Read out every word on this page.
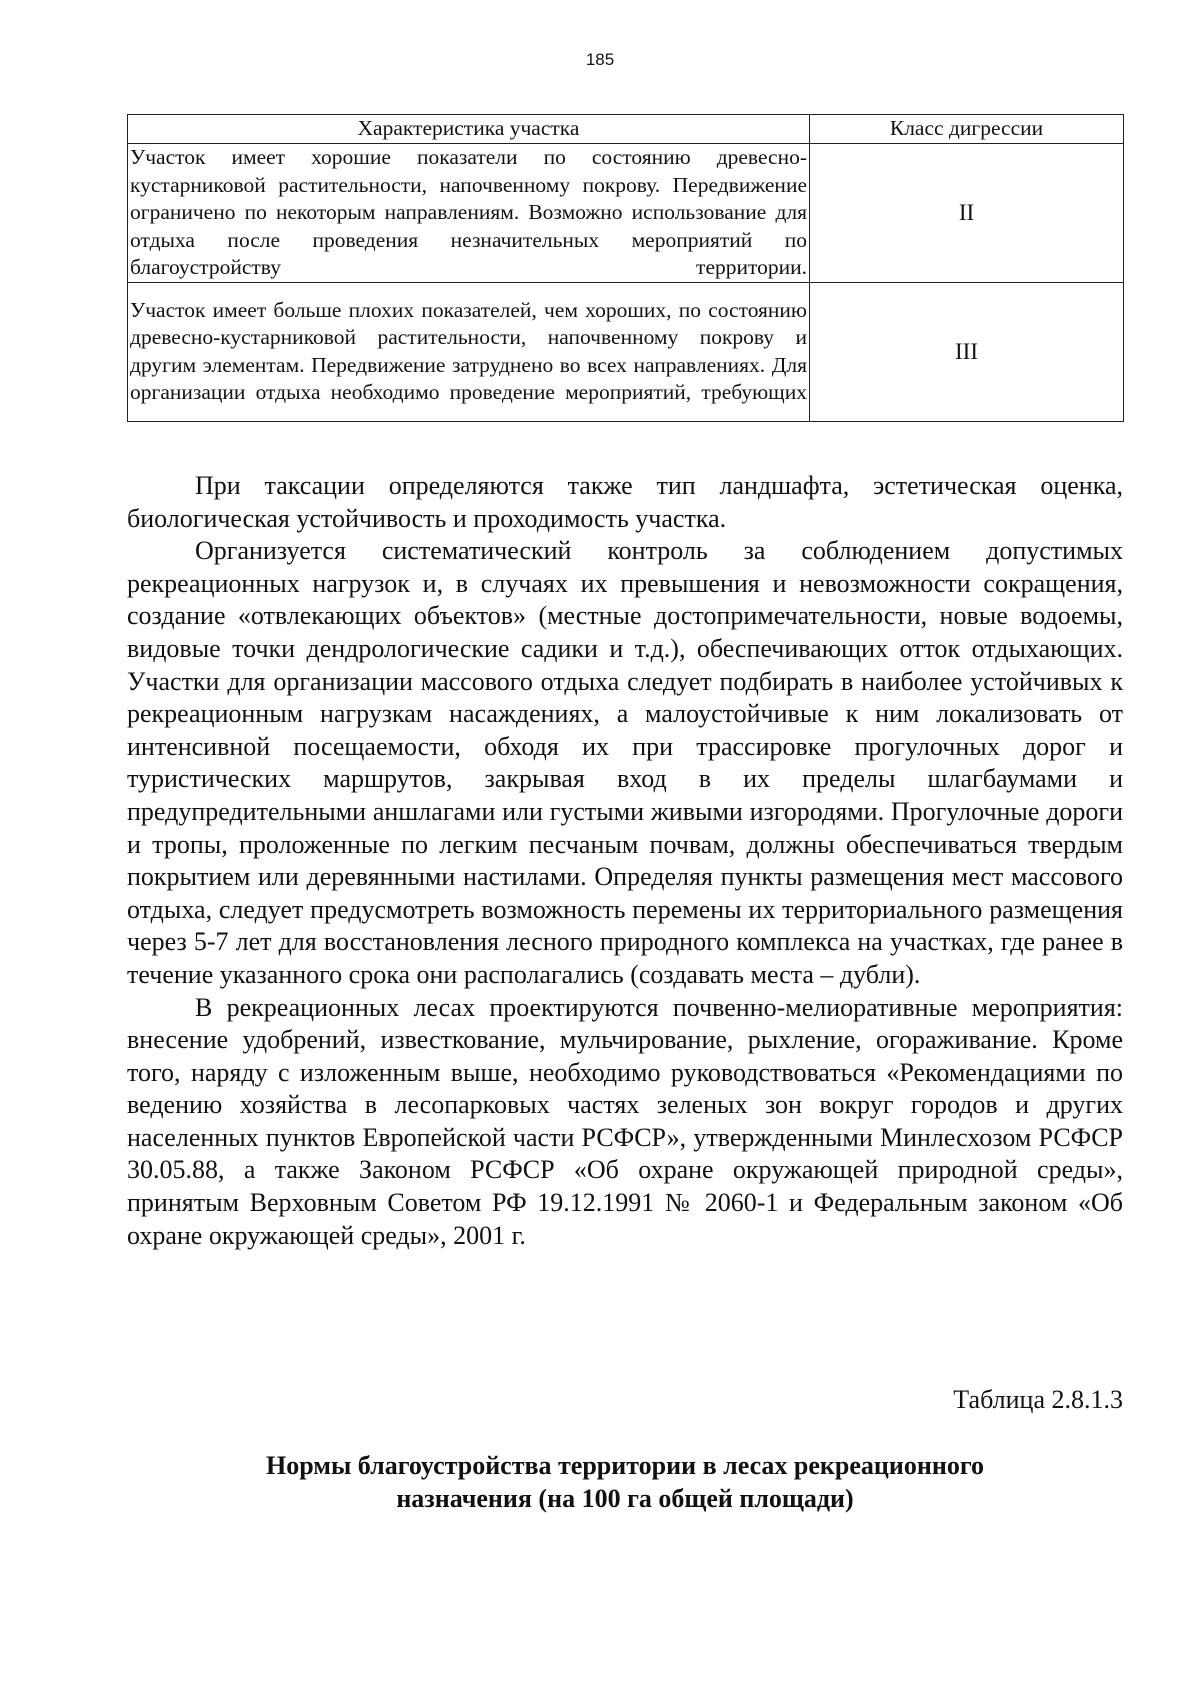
185
Характеристика участка	Класс дигрессии
Участок имеет хорошие показатели по состоянию древесно-кустарниковой растительности, напочвенному покрову. Передвижение ограничено по некоторым направлениям. Возможно использование для отдыха после проведения незначительных мероприятий по благоустройству территории.	II
Участок имеет больше плохих показателей, чем хороших, по состоянию древесно-кустарниковой растительности, напочвенному покрову и другим элементам. Передвижение затруднено во всех направлениях. Для организации отдыха необходимо проведение мероприятий, требующих	III

При таксации определяются также тип ландшафта, эстетическая оценка, биологическая устойчивость и проходимость участка.

Организуется систематический контроль за соблюдением допустимых рекреационных нагрузок и, в случаях их превышения и невозможности сокращения, создание «отвлекающих объектов» (местные достопримечательности, новые водоемы, видовые точки дендрологические садики и т.д.), обеспечивающих отток отдыхающих. Участки для организации массового отдыха следует подбирать в наиболее устойчивых к рекреационным нагрузкам насаждениях, а малоустойчивые к ним локализовать от интенсивной посещаемости, обходя их при трассировке прогулочных дорог и туристических маршрутов, закрывая вход в их пределы шлагбаумами и предупредительными аншлагами или густыми живыми изгородями. Прогулочные дороги и тропы, проложенные по легким песчаным почвам, должны обеспечиваться твердым покрытием или деревянными настилами. Определяя пункты размещения мест массового отдыха, следует предусмотреть возможность перемены их территориального размещения через 5-7 лет для восстановления лесного природного комплекса на участках, где ранее в течение указанного срока они располагались (создавать места – дубли).

В рекреационных лесах проектируются почвенно-мелиоративные мероприятия: внесение удобрений, известкование, мульчирование, рыхление, огораживание. Кроме того, наряду с изложенным выше, необходимо руководствоваться «Рекомендациями по ведению хозяйства в лесопарковых частях зеленых зон вокруг городов и других населенных пунктов Европейской части РСФСР», утвержденными Минлесхозом РСФСР 30.05.88, а также Законом РСФСР «Об охране окружающей природной среды», принятым Верховным Советом РФ 19.12.1991 № 2060-1 и Федеральным законом «Об охране окружающей среды», 2001 г.

Таблица 2.8.1.3
Нормы благоустройства территории в лесах рекреационного
назначения (на 100 га общей площади)
